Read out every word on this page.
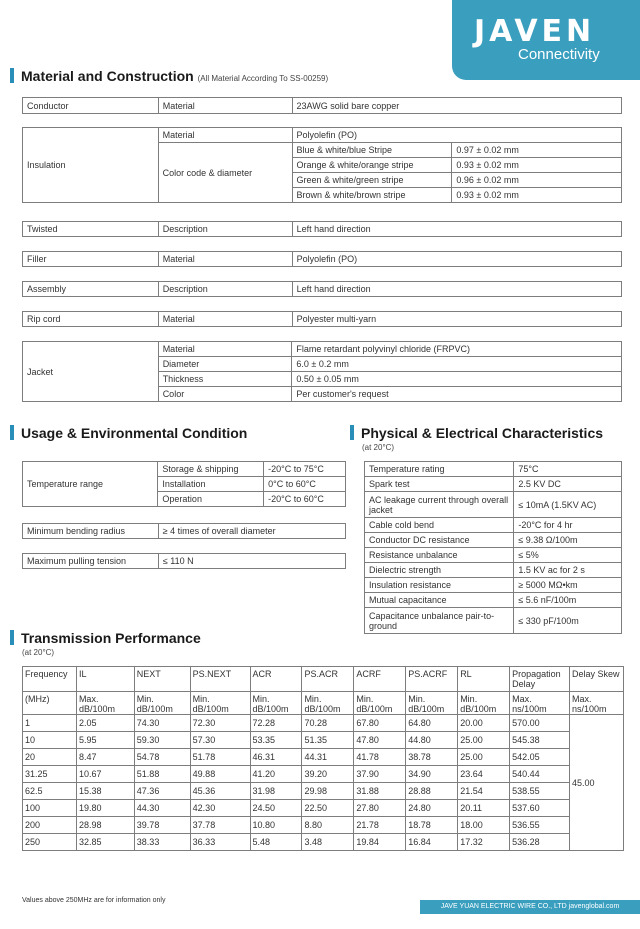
JAVEN
Connectivity
Material and Construction (All Material According To SS-00259)
Conductor	Material	23AWG solid bare copper
Insulation	Material	Polyolefin (PO)	
	Color code & diameter	Blue & white/blue Stripe	0.97 ± 0.02 mm
		Orange & white/orange stripe	0.93 ± 0.02 mm
		Green & white/green stripe	0.96 ± 0.02 mm
		Brown & white/brown stripe	0.93 ± 0.02 mm
Twisted	Description	Left hand direction
Filler	Material	Polyolefin (PO)
Assembly	Description	Left hand direction
Rip cord	Material	Polyester multi-yarn
Jacket	Material	Flame retardant polyvinyl chloride (FRPVC)
	Diameter	6.0 ± 0.2 mm
	Thickness	0.50 ± 0.05 mm
	Color	Per customer's request
Usage & Environmental Condition
Temperature range	Storage & shipping	-20°C to 75°C
	Installation	0°C to 60°C
	Operation	-20°C to 60°C
Minimum bending radius	≥ 4 times of overall diameter
Maximum pulling tension	≤ 110 N
Physical & Electrical Characteristics
(at 20°C)
Temperature rating	75°C
Spark test	2.5 KV DC
AC leakage current through overall jacket	≤ 10mA (1.5KV AC)
Cable cold bend	-20°C for 4 hr
Conductor DC resistance	≤ 9.38 Ω/100m
Resistance unbalance	≤ 5%
Dielectric strength	1.5 KV ac for 2 s
Insulation resistance	≥ 5000 MΩ•km
Mutual capacitance	≤ 5.6 nF/100m
Capacitance unbalance pair-to-ground	≤ 330 pF/100m
Transmission Performance
(at 20°C)
Frequency	IL	NEXT	PS.NEXT	ACR	PS.ACR	ACRF	PS.ACRF	RL	Propagation Delay	Delay Skew
(MHz)	Max. dB/100m	Min. dB/100m	Min. dB/100m	Min. dB/100m	Min. dB/100m	Min. dB/100m	Min. dB/100m	Min. dB/100m	Max. ns/100m	Max. ns/100m
1	2.05	74.30	72.30	72.28	70.28	67.80	64.80	20.00	570.00	45.00
10	5.95	59.30	57.30	53.35	51.35	47.80	44.80	25.00	545.38	
20	8.47	54.78	51.78	46.31	44.31	41.78	38.78	25.00	542.05	
31.25	10.67	51.88	49.88	41.20	39.20	37.90	34.90	23.64	540.44	
62.5	15.38	47.36	45.36	31.98	29.98	31.88	28.88	21.54	538.55	
100	19.80	44.30	42.30	24.50	22.50	27.80	24.80	20.11	537.60	
200	28.98	39.78	37.78	10.80	8.80	21.78	18.78	18.00	536.55	
250	32.85	38.33	36.33	5.48	3.48	19.84	16.84	17.32	536.28	
Values above 250MHz are for information only
JAVE YUAN ELECTRIC WIRE CO., LTD javenglobal.com
